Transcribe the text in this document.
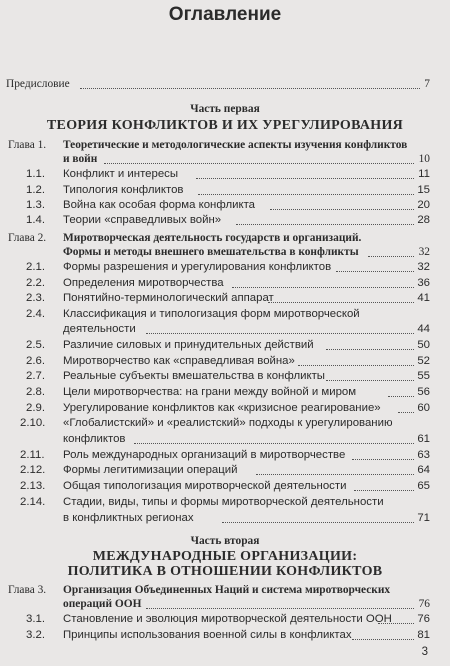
Оглавление
Предисловие	7
Часть первая
ТЕОРИЯ КОНФЛИКТОВ И ИХ УРЕГУЛИРОВАНИЯ
Глава 1. Теоретические и методологические аспекты изучения конфликтов
и войн	10
1.1. Конфликт и интересы	11
1.2. Типология конфликтов	15
1.3. Война как особая форма конфликта	20
1.4. Теории «справедливых войн»	28
Глава 2. Миротворческая деятельность государств и организаций.
Формы и методы внешнего вмешательства в конфликты	32
2.1. Формы разрешения и урегулирования конфликтов	32
2.2. Определения миротворчества	36
2.3. Понятийно-терминологический аппарат	41
2.4. Классификация и типологизация форм миротворческой
деятельности	44
2.5. Различие силовых и принудительных действий	50
2.6. Миротворчество как «справедливая война»	52
2.7. Реальные субъекты вмешательства в конфликты	55
2.8. Цели миротворчества: на грани между войной и миром	56
2.9. Урегулирование конфликтов как «кризисное реагирование»	60
2.10. «Глобалистский» и «реалистский» подходы к урегулированию
конфликтов	61
2.11. Роль международных организаций в миротворчестве	63
2.12. Формы легитимизации операций	64
2.13. Общая типологизация миротворческой деятельности	65
2.14. Стадии, виды, типы и формы миротворческой деятельности
в конфликтных регионах	71
Часть вторая
МЕЖДУНАРОДНЫЕ ОРГАНИЗАЦИИ:
ПОЛИТИКА В ОТНОШЕНИИ КОНФЛИКТОВ
Глава 3. Организация Объединенных Наций и система миротворческих
операций ООН	76
3.1. Становление и эволюция миротворческой деятельности ООН 76
3.2. Принципы использования военной силы в конфликтах	81
3
